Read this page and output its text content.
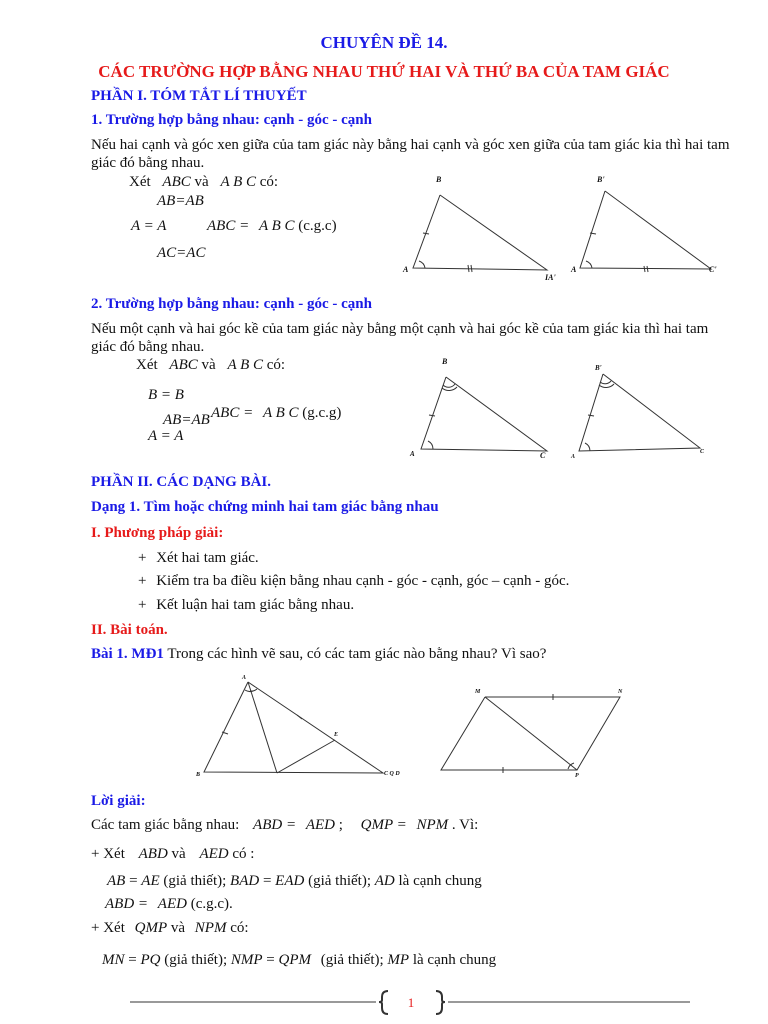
CHUYÊN ĐỀ 14.
CÁC TRƯỜNG HỢP BẰNG NHAU THỨ HAI VÀ THỨ BA CỦA TAM GIÁC
PHẦN I. TÓM TẮT LÍ THUYẾT
1. Trường hợp bằng nhau: cạnh - góc - cạnh
Nếu hai cạnh và góc xen giữa của tam giác này bằng hai cạnh và góc xen giữa của tam giác kia thì hai tam giác đó bằng nhau.
Xét ABC và A B C có:
AB=AB
A = A	ABC = A B C (c.g.c)
AC=AC
B
A
IA'
B'
A	C'
2. Trường hợp bằng nhau: cạnh - góc - cạnh
Nếu một cạnh và hai góc kề của tam giác này bằng một cạnh và hai góc kề của tam giác kia thì hai tam giác đó bằng nhau.
Xét ABC và A B C có:
B = B
AB=AB ABC = A B C (g.c.g)
A = A
B
A	C
B'
A
C
PHẦN II. CÁC DẠNG BÀI.
Dạng 1. Tìm hoặc chứng minh hai tam giác bằng nhau
I. Phương pháp giải:
+ Xét hai tam giác.
+ Kiểm tra ba điều kiện bằng nhau cạnh - góc - cạnh, góc – cạnh - góc.
+ Kết luận hai tam giác bằng nhau.
II. Bài toán.
Bài 1. MĐ1 Trong các hình vẽ sau, có các tam giác nào bằng nhau? Vì sao?
A
B
E
C Q D
M	N
P
Lời giải:
Các tam giác bằng nhau: ABD = AED ; QMP = NPM . Vì:
+ Xét ABD và AED có :
AB = AE (giả thiết); BAD = EAD (giả thiết); AD là cạnh chung
ABD = AED (c.g.c).
+ Xét QMP và NPM có:
MN = PQ (giả thiết); NMP = QPM (giả thiết); MP là cạnh chung
1
